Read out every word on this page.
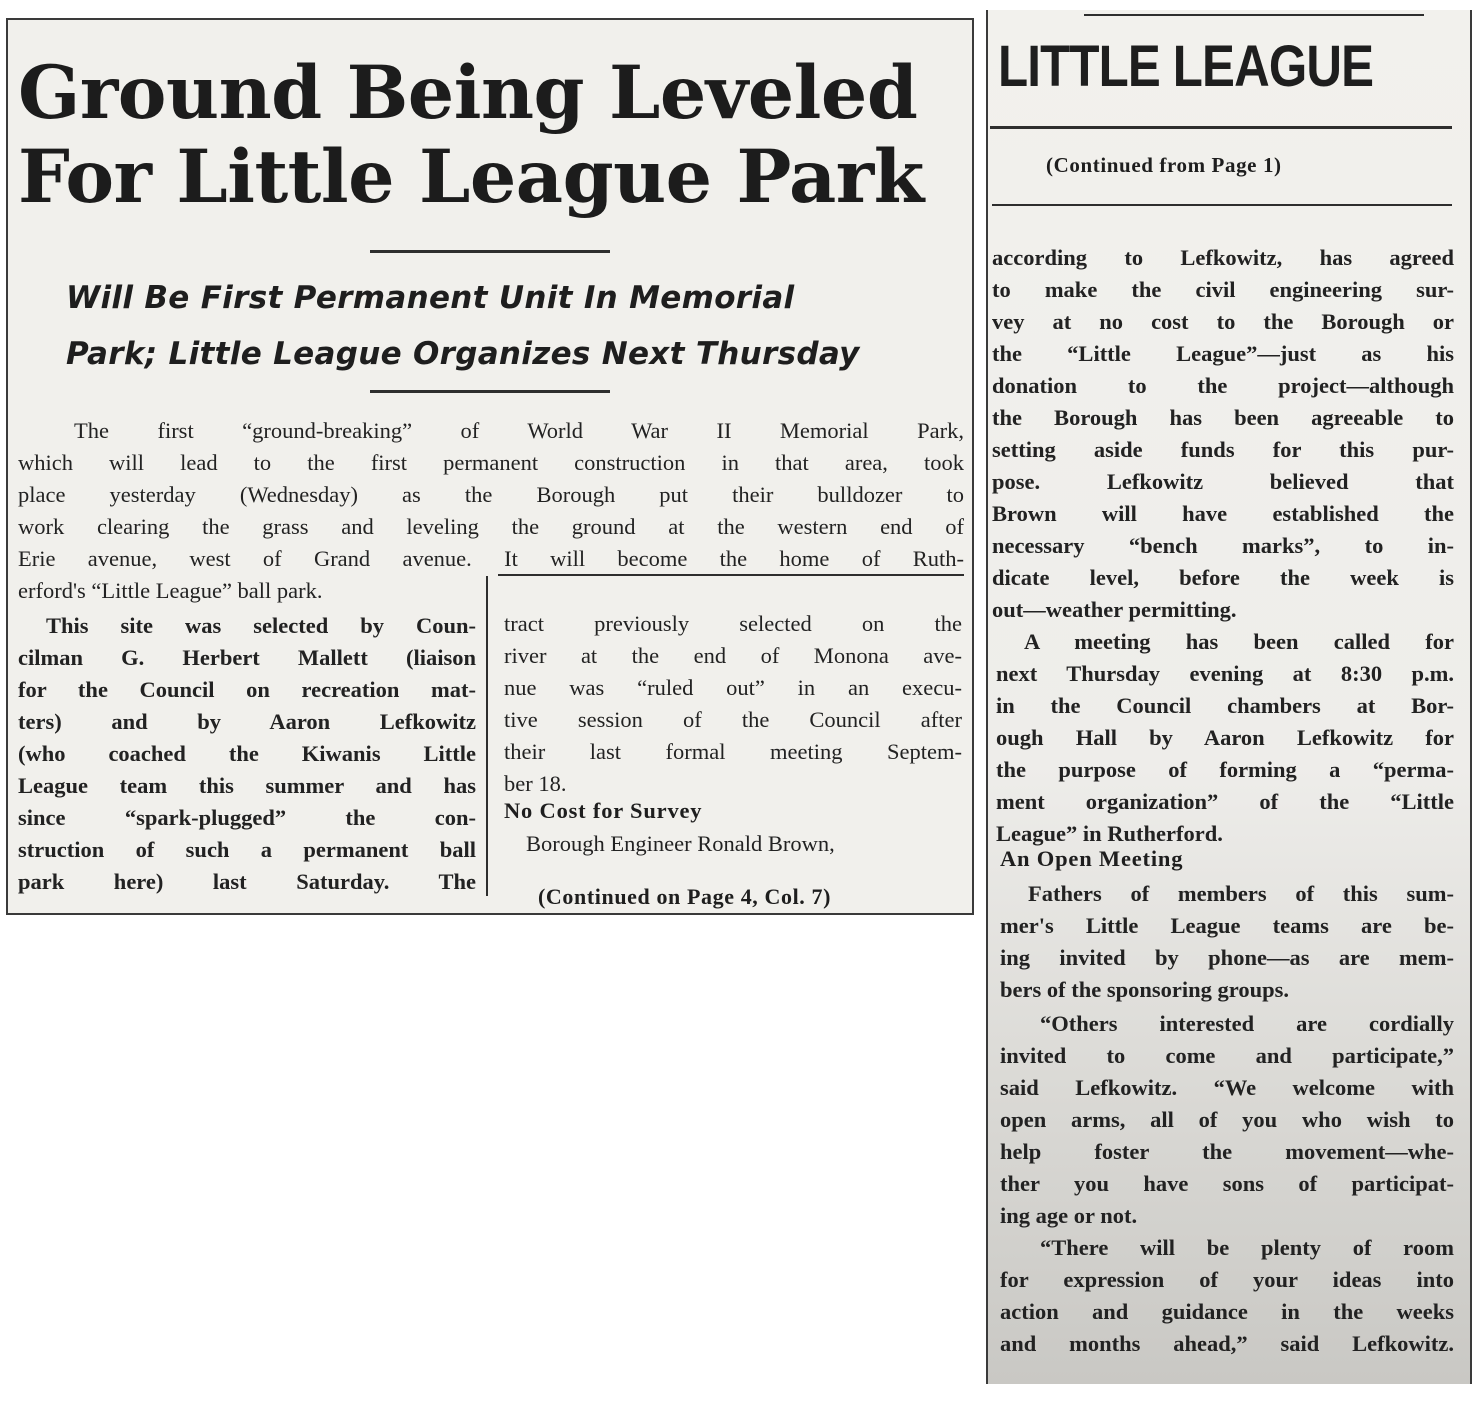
Ground Being Leveled
For Little League Park
Will Be First Permanent Unit In Memorial
Park; Little League Organizes Next Thursday
The first “ground-breaking” of World War II Memorial Park,
which will lead to the first permanent construction in that area, took
place yesterday (Wednesday) as the Borough put their bulldozer to
work clearing the grass and leveling the ground at the western end of
Erie avenue, west of Grand avenue. It will become the home of Ruth-
erford's “Little League” ball park.
This site was selected by Coun-
cilman G. Herbert Mallett (liaison
for the Council on recreation mat-
ters) and by Aaron Lefkowitz
(who coached the Kiwanis Little
League team this summer and has
since “spark-plugged” the con-
struction of such a permanent ball
park here) last Saturday. The
tract previously selected on the
river at the end of Monona ave-
nue was “ruled out” in an execu-
tive session of the Council after
their last formal meeting Septem-
ber 18.
No Cost for Survey
Borough Engineer Ronald Brown,
(Continued on Page 4, Col. 7)
LITTLE LEAGUE
(Continued from Page 1)
according to Lefkowitz, has agreed
to make the civil engineering sur-
vey at no cost to the Borough or
the “Little League”—just as his
donation to the project—although
the Borough has been agreeable to
setting aside funds for this pur-
pose. Lefkowitz believed that
Brown will have established the
necessary “bench marks”, to in-
dicate level, before the week is
out—weather permitting.
A meeting has been called for
next Thursday evening at 8:30 p.m.
in the Council chambers at Bor-
ough Hall by Aaron Lefkowitz for
the purpose of forming a “perma-
ment organization” of the “Little
League” in Rutherford.
An Open Meeting
Fathers of members of this sum-
mer's Little League teams are be-
ing invited by phone—as are mem-
bers of the sponsoring groups.
“Others interested are cordially
invited to come and participate,”
said Lefkowitz. “We welcome with
open arms, all of you who wish to
help foster the movement—whe-
ther you have sons of participat-
ing age or not.
“There will be plenty of room
for expression of your ideas into
action and guidance in the weeks
and months ahead,” said Lefkowitz.
